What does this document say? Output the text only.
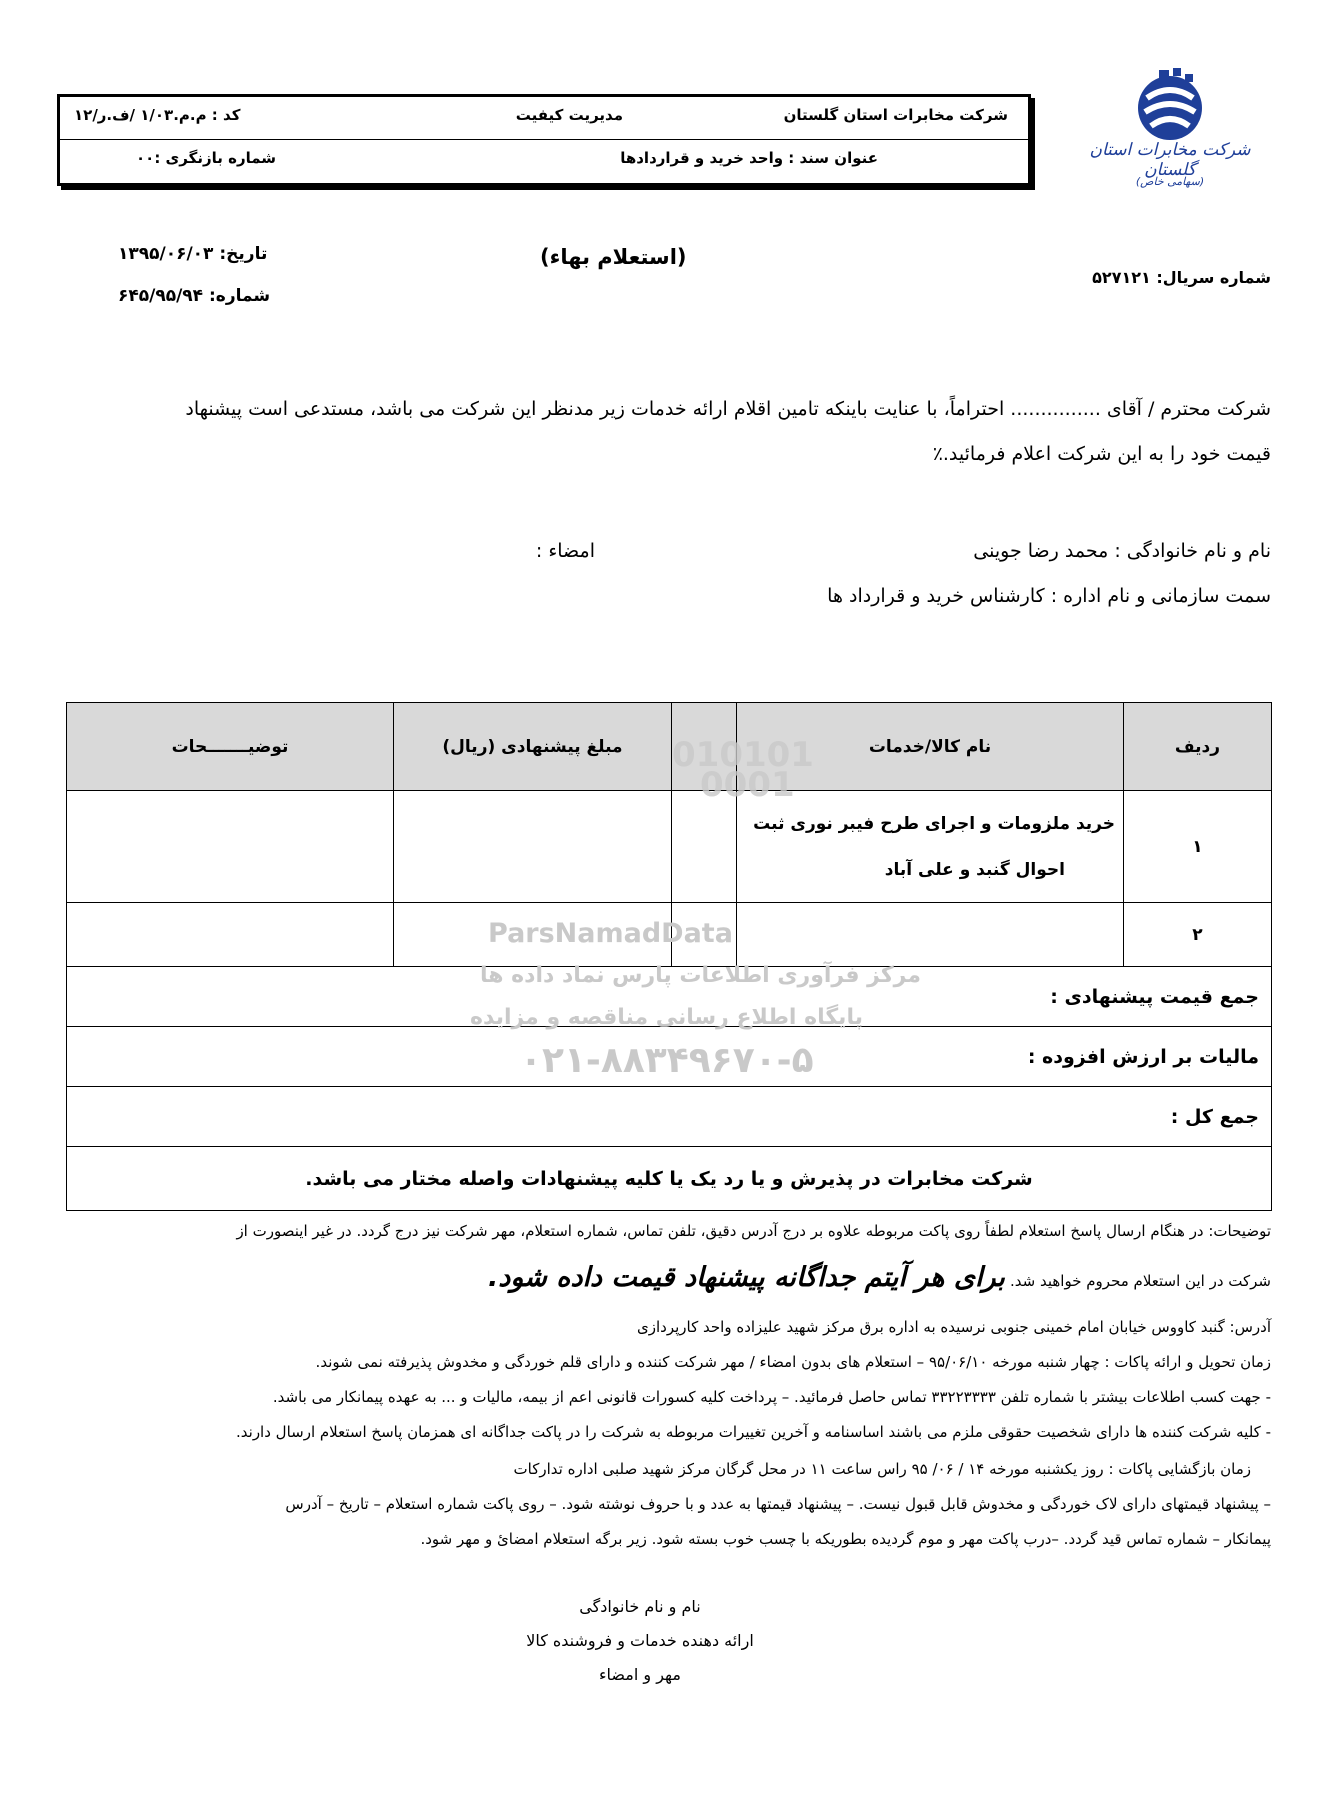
شرکت مخابرات استان گلستان
(سهامی خاص)
شرکت مخابرات استان گلستان
مدیریت کیفیت
کد : م.م.۱/۰۳ /ف.ر/۱۲
عنوان سند : واحد خرید و قراردادها
شماره بازنگری :۰۰
(استعلام بهاء)
شماره سریال: ۵۲۷۱۲۱
تاریخ: ۱۳۹۵/۰۶/۰۳
شماره: ۶۴۵/۹۵/۹۴
شرکت محترم / آقای ............... احتراماً، با عنایت باینکه تامین اقلام ارائه خدمات زیر مدنظر این شرکت می باشد، مستدعی است پیشنهاد
قیمت خود را به این شرکت اعلام فرمائید.٪
نام و نام خانوادگی : محمد رضا جوینی
امضاء :
سمت سازمانی و نام اداره : کارشناس خرید و قرارداد ها
ردیف	نام کالا/خدمات		مبلغ پیشنهادی (ریال)	توضیـــــــحات
۱	خرید ملزومات و اجرای طرح فیبر نوری ثبت
احوال گنبد و علی آباد			

۲				
جمع قیمت پیشنهادی :				
مالیات بر ارزش افزوده :				
جمع کل :				
شرکت مخابرات در پذیرش و یا رد یک یا کلیه پیشنهادات واصله مختار می باشد.				
010101
0001
ParsNamadData
مرکز فرآوری اطلاعات پارس نماد داده ها
پایگاه اطلاع رسانی مناقصه و مزایده
۰۲۱-۸۸۳۴۹۶۷۰-۵
توضیحات: در هنگام ارسال پاسخ استعلام لطفاً روی پاکت مربوطه علاوه بر درج آدرس دقیق، تلفن تماس، شماره استعلام، مهر شرکت نیز درج گردد. در غیر اینصورت از
شرکت در این استعلام محروم خواهید شد. برای هر آیتم جداگانه پیشنهاد قیمت داده شود.
آدرس: گنبد کاووس خیابان امام خمینی جنوبی نرسیده به اداره برق مرکز شهید علیزاده واحد کارپردازی
زمان تحویل و ارائه پاکات : چهار شنبه مورخه ۹۵/۰۶/۱۰ – استعلام های بدون امضاء / مهر شرکت کننده و دارای قلم خوردگی و مخدوش پذیرفته نمی شوند.
- جهت کسب اطلاعات بیشتر با شماره تلفن ۳۳۲۲۳۳۳۳ تماس حاصل فرمائید. – پرداخت کلیه کسورات قانونی اعم از بیمه، مالیات و ... به عهده پیمانکار می باشد.
- کلیه شرکت کننده ها دارای شخصیت حقوقی ملزم می باشند اساسنامه و آخرین تغییرات مربوطه به شرکت را در پاکت جداگانه ای همزمان پاسخ استعلام ارسال دارند.
زمان بازگشایی پاکات : روز یکشنبه مورخه ۱۴ / ۰۶/ ۹۵ راس ساعت ۱۱ در محل گرگان مرکز شهید صلبی اداره تدارکات
– پیشنهاد قیمتهای دارای لاک خوردگی و مخدوش قابل قبول نیست. – پیشنهاد قیمتها به عدد و با حروف نوشته شود. – روی پاکت شماره استعلام – تاریخ – آدرس
پیمانکار – شماره تماس قید گردد. –درب پاکت مهر و موم گردیده بطوریکه با چسب خوب بسته شود. زیر برگه استعلام امضائ و مهر شود.
نام و نام خانوادگی
ارائه دهنده خدمات و فروشنده کالا
مهر و امضاء
